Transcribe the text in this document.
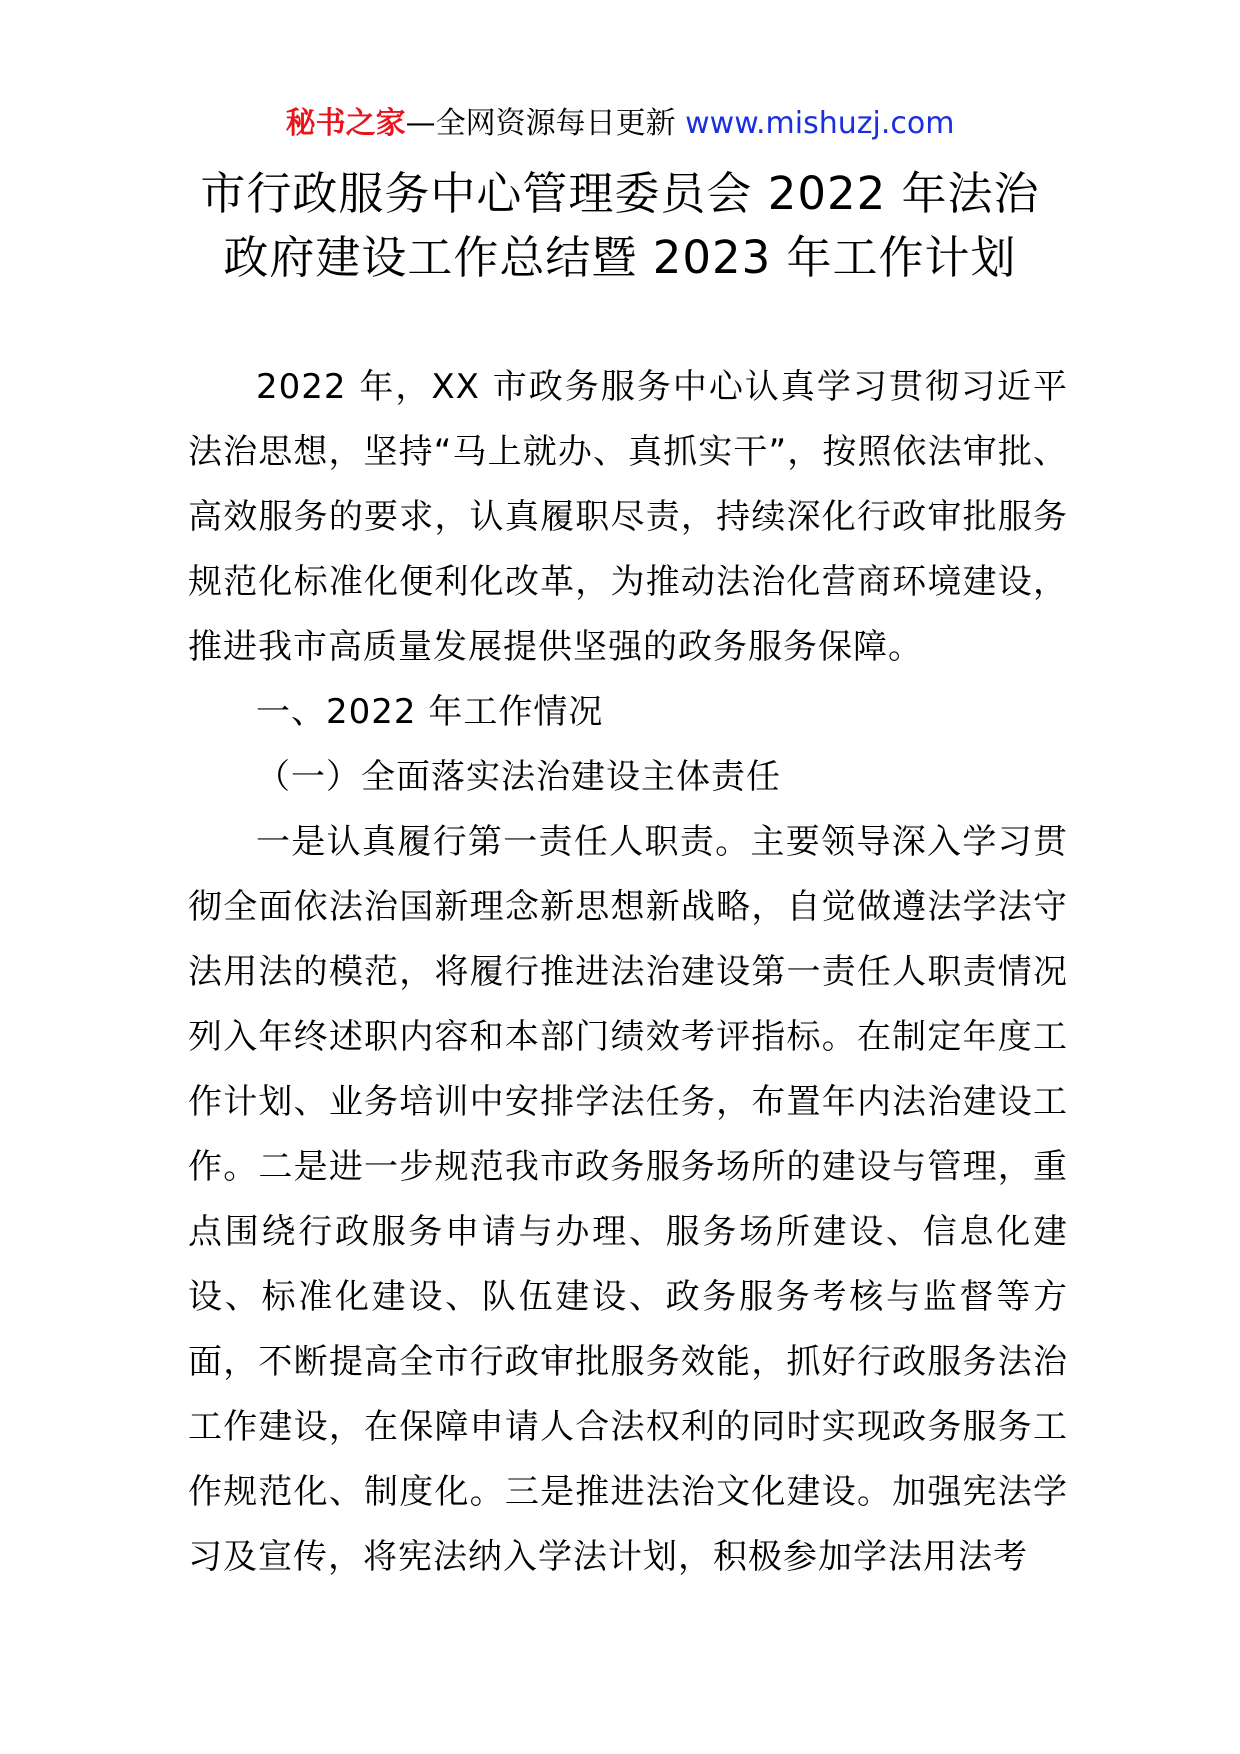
秘书之家—全网资源每日更新 www.mishuzj.com
市行政服务中心管理委员会 2022 年法治
政府建设工作总结暨 2023 年工作计划

2022 年，XX 市政务服务中心认真学习贯彻习近平法治思想，坚持“马上就办、真抓实干”，按照依法审批、高效服务的要求，认真履职尽责，持续深化行政审批服务规范化标准化便利化改革，为推动法治化营商环境建设，推进我市高质量发展提供坚强的政务服务保障。

一、2022 年工作情况

（一）全面落实法治建设主体责任

一是认真履行第一责任人职责。主要领导深入学习贯彻全面依法治国新理念新思想新战略，自觉做遵法学法守法用法的模范，将履行推进法治建设第一责任人职责情况列入年终述职内容和本部门绩效考评指标。在制定年度工作计划、业务培训中安排学法任务，布置年内法治建设工作。二是进一步规范我市政务服务场所的建设与管理，重点围绕行政服务申请与办理、服务场所建设、信息化建设、标准化建设、队伍建设、政务服务考核与监督等方面，不断提高全市行政审批服务效能，抓好行政服务法治工作建设，在保障申请人合法权利的同时实现政务服务工作规范化、制度化。三是推进法治文化建设。加强宪法学习及宣传，将宪法纳入学法计划，积极参加学法用法考
